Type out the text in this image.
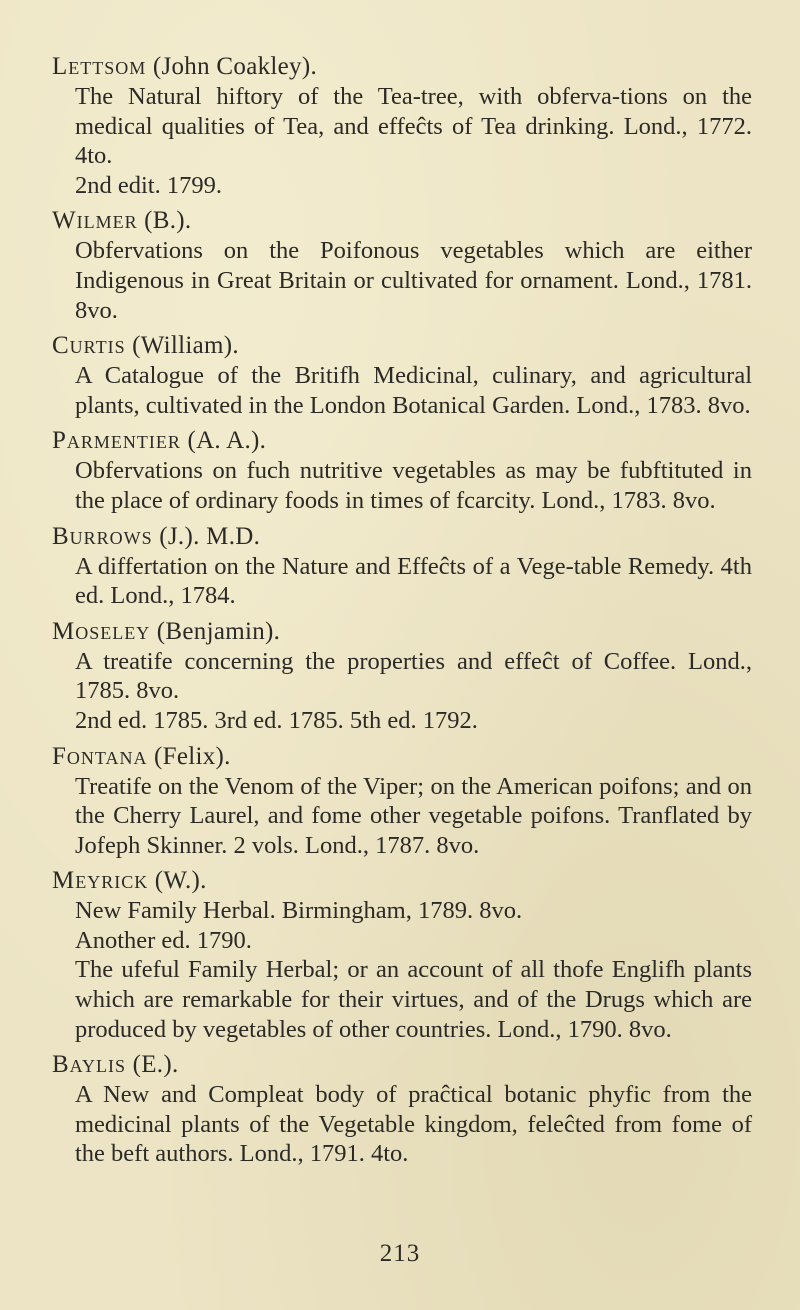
Lettsom (John Coakley).
The Natural hiftory of the Tea-tree, with obferva-tions on the medical qualities of Tea, and effeĉts of Tea drinking. Lond., 1772. 4to.
2nd edit. 1799.
Wilmer (B.).
Obfervations on the Poifonous vegetables which are either Indigenous in Great Britain or cultivated for ornament. Lond., 1781. 8vo.
Curtis (William).
A Catalogue of the Britifh Medicinal, culinary, and agricultural plants, cultivated in the London Botanical Garden. Lond., 1783. 8vo.
Parmentier (A. A.).
Obfervations on fuch nutritive vegetables as may be fubftituted in the place of ordinary foods in times of fcarcity. Lond., 1783. 8vo.
Burrows (J.). M.D.
A differtation on the Nature and Effeĉts of a Vege-table Remedy. 4th ed. Lond., 1784.
Moseley (Benjamin).
A treatife concerning the properties and effeĉt of Coffee. Lond., 1785. 8vo.
2nd ed. 1785. 3rd ed. 1785. 5th ed. 1792.
Fontana (Felix).
Treatife on the Venom of the Viper; on the American poifons; and on the Cherry Laurel, and fome other vegetable poifons. Tranflated by Jofeph Skinner. 2 vols. Lond., 1787. 8vo.
Meyrick (W.).
New Family Herbal. Birmingham, 1789. 8vo.
Another ed. 1790.
The ufeful Family Herbal; or an account of all thofe Englifh plants which are remarkable for their virtues, and of the Drugs which are produced by vegetables of other countries. Lond., 1790. 8vo.
Baylis (E.).
A New and Compleat body of praĉtical botanic phyfic from the medicinal plants of the Vegetable kingdom, feleĉted from fome of the beft authors. Lond., 1791. 4to.
213
